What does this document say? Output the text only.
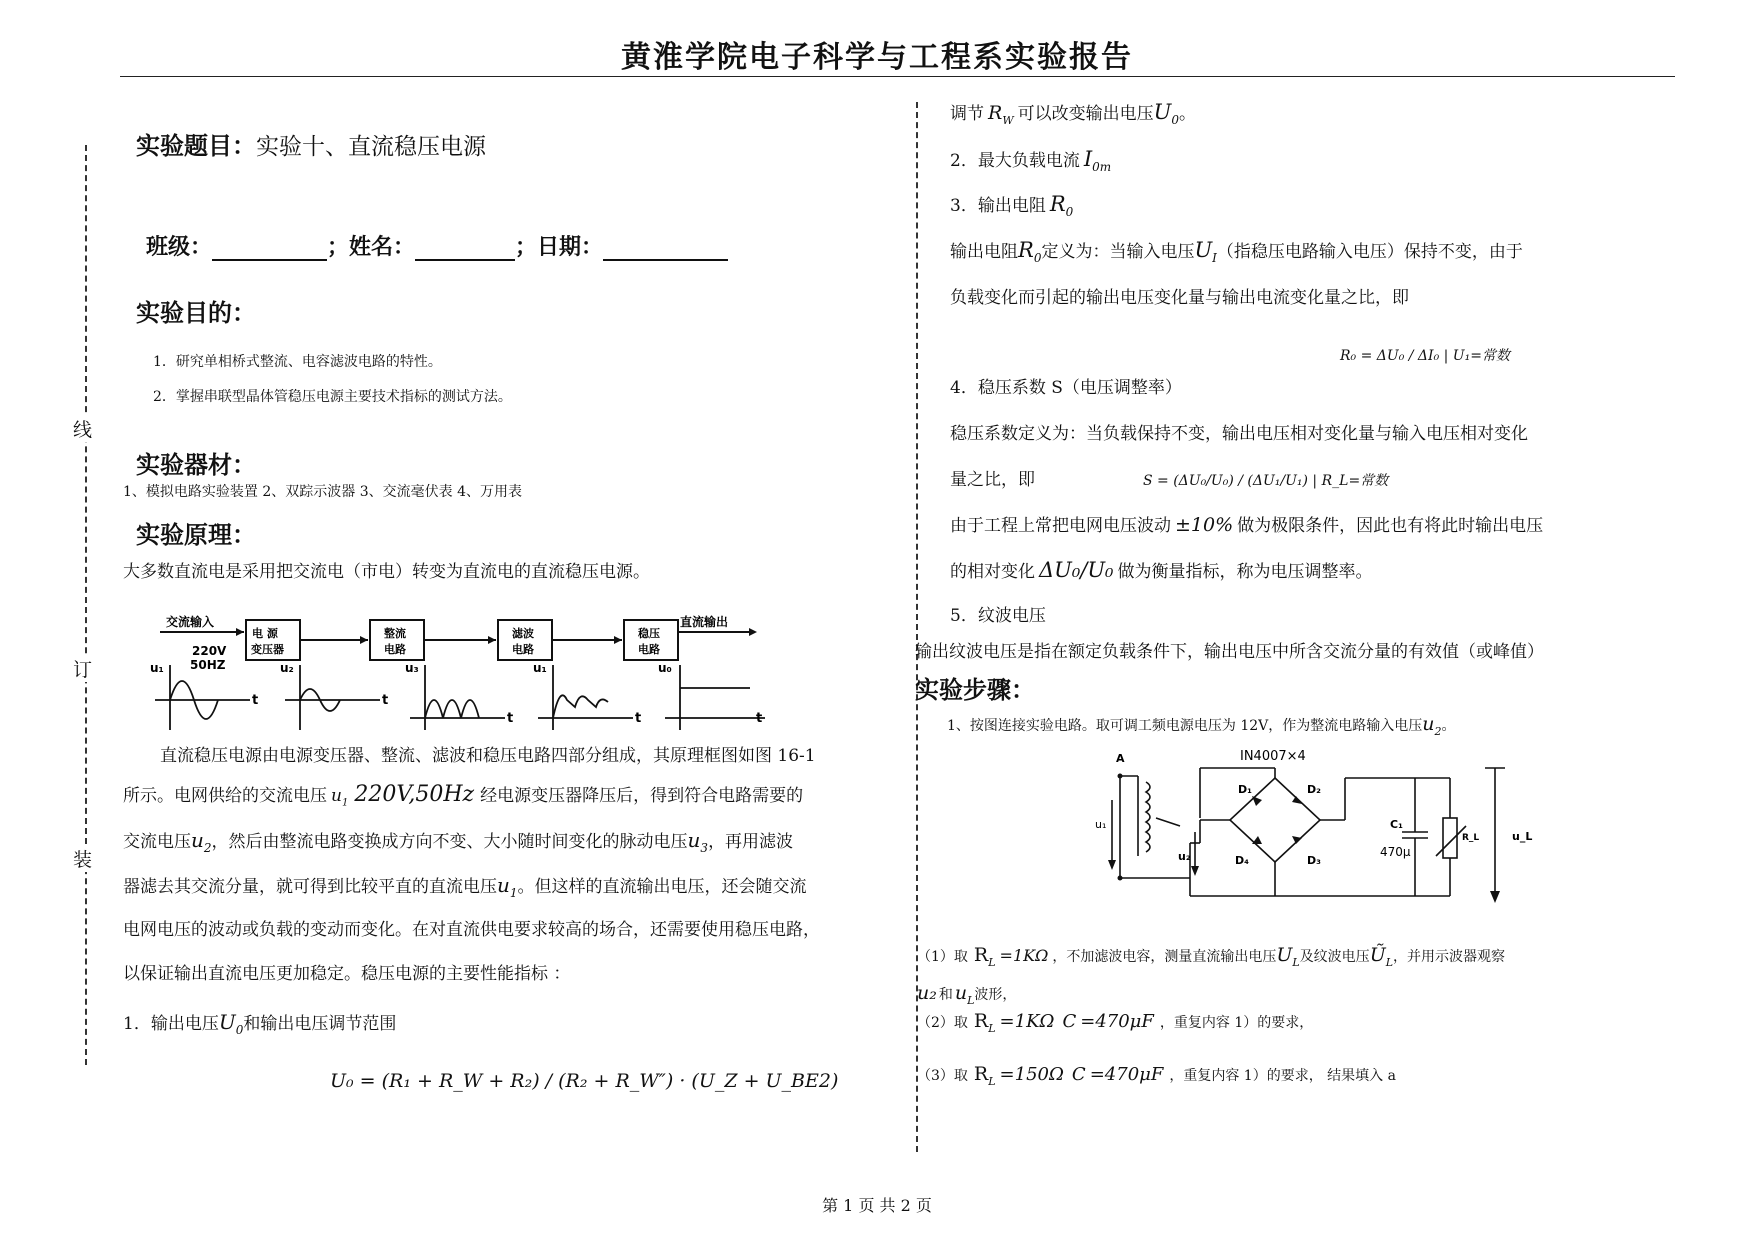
黄淮学院电子科学与工程系实验报告
线
订
装
实验题目：实验十、直流稳压电源
班级：	；姓名：	；日期：
实验目的：
1．研究单相桥式整流、电容滤波电路的特性。
2．掌握串联型晶体管稳压电源主要技术指标的测试方法。
实验器材：
1、模拟电路实验装置 2、双踪示波器 3、交流毫伏表 4、万用表
实验原理：
大多数直流电是采用把交流电（市电）转变为直流电的直流稳压电源。
交流输入
220V
50HZ
直流输出
电 源
变压器
整流
电路
滤波
电路
稳压
电路
u₁	u₂	u₃	u₁	u₀
t	t
t	t	t
直流稳压电源由电源变压器、整流、滤波和稳压电路四部分组成，其原理框图如图 16-1
所示。电网供给的交流电压 $u_1$ 220V,50Hz 经电源变压器降压后，得到符合电路需要的
交流电压$u_2$，然后由整流电路变换成方向不变、大小随时间变化的脉动电压$u_3$，再用滤波
器滤去其交流分量，就可得到比较平直的直流电压$u_1$。但这样的直流输出电压，还会随交流
电网电压的波动或负载的变动而变化。在对直流供电要求较高的场合，还需要使用稳压电路，
以保证输出直流电压更加稳定。稳压电源的主要性能指标 ：
1．输出电压$U_0$和输出电压调节范围
U₀ = (R₁ + R_W + R₂) / (R₂ + R_W″) · (U_Z + U_BE2)
调节 $R_W$ 可以改变输出电压$U_0$。
2．最大负载电流 $I_{0m}$
3．输出电阻 $R_0$
输出电阻$R_0$定义为：当输入电压$U_I$（指稳压电路输入电压）保持不变，由于
负载变化而引起的输出电压变化量与输出电流变化量之比，即
R₀ = ΔU₀ / ΔI₀ | U₁=常数
4．稳压系数 S（电压调整率）
稳压系数定义为：当负载保持不变，输出电压相对变化量与输入电压相对变化
量之比，即	S = (ΔU₀/U₀) / (ΔU₁/U₁) | R_L=常数
由于工程上常把电网电压波动 ±10% 做为极限条件，因此也有将此时输出电压
的相对变化 ΔU₀/U₀ 做为衡量指标，称为电压调整率。
5．纹波电压
输出纹波电压是指在额定负载条件下，输出电压中所含交流分量的有效值（或峰值）
实验步骤：
1、按图连接实验电路。取可调工频电源电压为 12V，作为整流电路输入电压$u_2$。
A	IN4007×4
u₁
u₂
D₁	D₂
D₃
D₄
C₁
470μ
R_L	u_L
（1）取 $R_L =1K\Omega$ ，不加滤波电容，测量直流输出电压$U_L$及纹波电压$Ũ_L$，并用示波器观察
u₂ 和 $u_L$波形，
（2）取 $R_L =1K\Omega$ C =470μF ，重复内容 1）的要求，
（3）取 $R_L =150\Omega$ C =470μF ，重复内容 1）的要求， 结果填入 a
第 1 页 共 2 页
